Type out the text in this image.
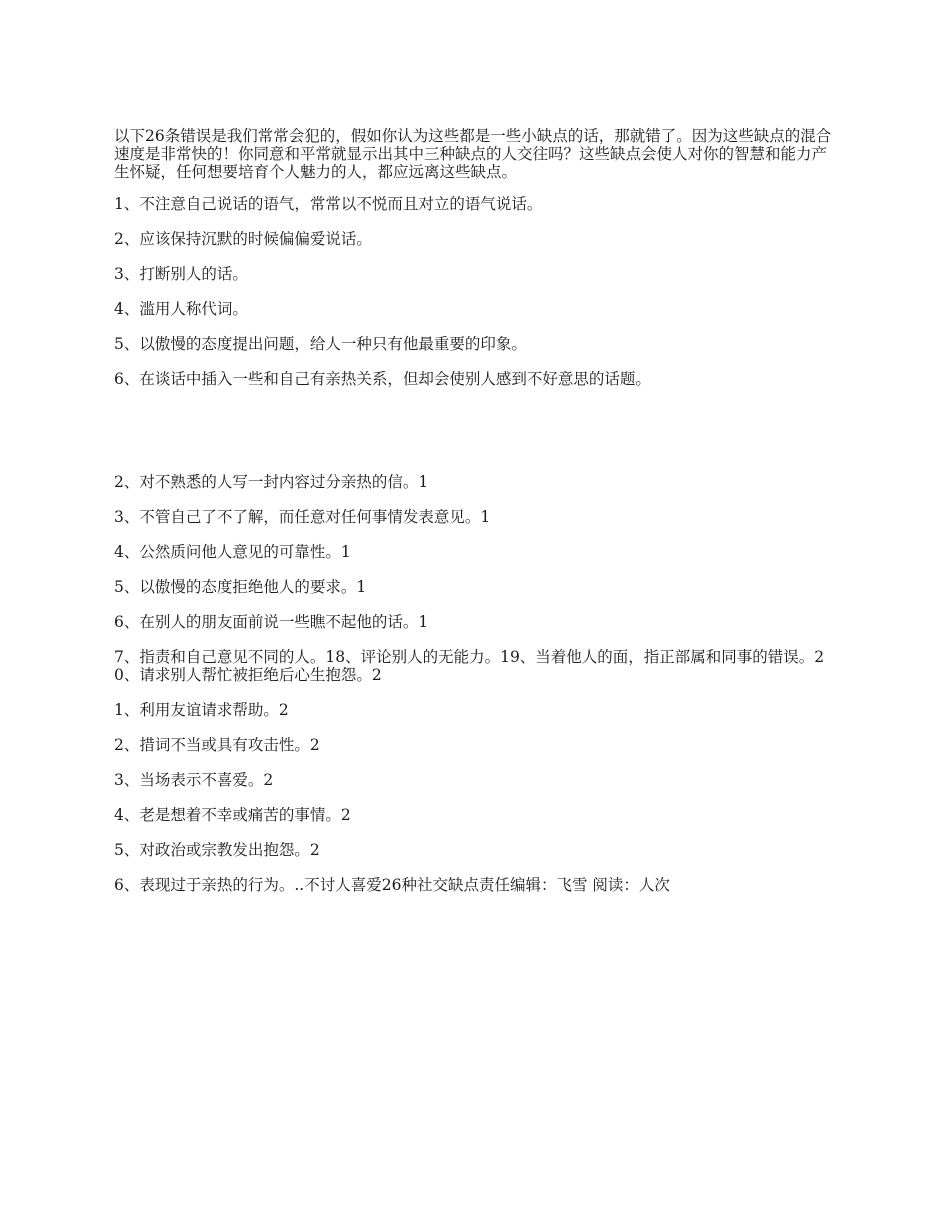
以下26条错误是我们常常会犯的，假如你认为这些都是一些小缺点的话，那就错了。因为这些缺点的混合速度是非常快的！你同意和平常就显示出其中三种缺点的人交往吗？这些缺点会使人对你的智慧和能力产生怀疑，任何想要培育个人魅力的人，都应远离这些缺点。

1、不注意自己说话的语气，常常以不悦而且对立的语气说话。

2、应该保持沉默的时候偏偏爱说话。

3、打断别人的话。

4、滥用人称代词。

5、以傲慢的态度提出问题，给人一种只有他最重要的印象。

6、在谈话中插入一些和自己有亲热关系，但却会使别人感到不好意思的话题。

2、对不熟悉的人写一封内容过分亲热的信。1

3、不管自己了不了解，而任意对任何事情发表意见。1

4、公然质问他人意见的可靠性。1

5、以傲慢的态度拒绝他人的要求。1

6、在别人的朋友面前说一些瞧不起他的话。1

7、指责和自己意见不同的人。18、评论别人的无能力。19、当着他人的面，指正部属和同事的错误。20、请求别人帮忙被拒绝后心生抱怨。2

1、利用友谊请求帮助。2

2、措词不当或具有攻击性。2

3、当场表示不喜爱。2

4、老是想着不幸或痛苦的事情。2

5、对政治或宗教发出抱怨。2

6、表现过于亲热的行为。..不讨人喜爱26种社交缺点责任编辑：飞雪 阅读：人次
